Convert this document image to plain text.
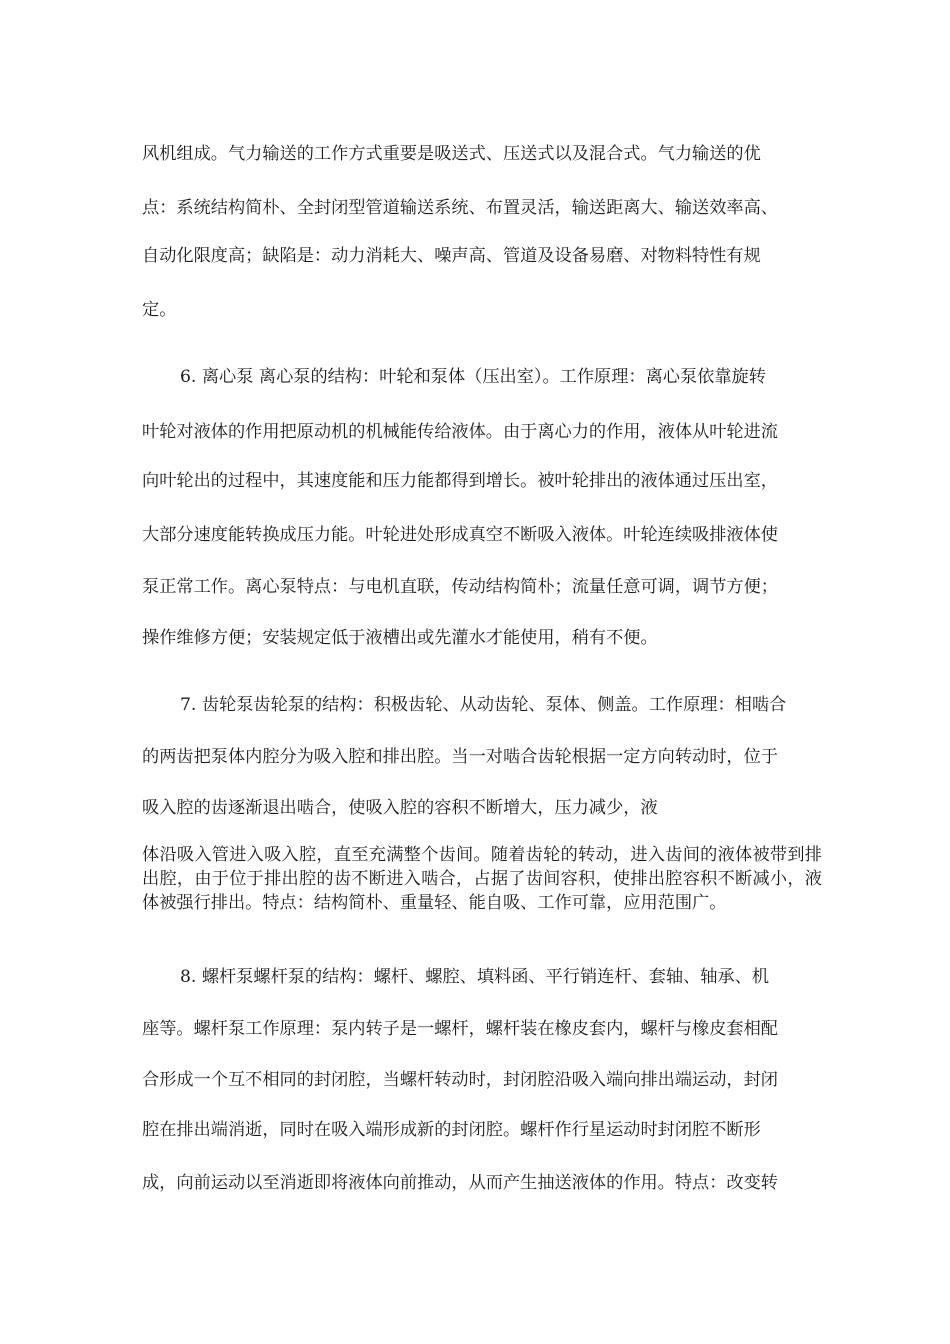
风机组成。气力输送的工作方式重要是吸送式、压送式以及混合式。气力输送的优
点：系统结构简朴、全封闭型管道输送系统、布置灵活，输送距离大、输送效率高、
自动化限度高；缺陷是：动力消耗大、噪声高、管道及设备易磨、对物料特性有规
定。
6. 离心泵 离心泵的结构：叶轮和泵体（压出室）。工作原理：离心泵依靠旋转
叶轮对液体的作用把原动机的机械能传给液体。由于离心力的作用，液体从叶轮进流
向叶轮出的过程中，其速度能和压力能都得到增长。被叶轮排出的液体通过压出室，
大部分速度能转换成压力能。叶轮进处形成真空不断吸入液体。叶轮连续吸排液体使
泵正常工作。离心泵特点：与电机直联，传动结构简朴；流量任意可调，调节方便；
操作维修方便；安装规定低于液槽出或先灌水才能使用，稍有不便。
7. 齿轮泵齿轮泵的结构：积极齿轮、从动齿轮、泵体、侧盖。工作原理：相啮合
的两齿把泵体内腔分为吸入腔和排出腔。当一对啮合齿轮根据一定方向转动时，位于
吸入腔的齿逐渐退出啮合，使吸入腔的容积不断增大，压力减少，液
体沿吸入管进入吸入腔，直至充满整个齿间。随着齿轮的转动，进入齿间的液体被带到排出腔，由于位于排出腔的齿不断进入啮合，占据了齿间容积，使排出腔容积不断减小，液体被强行排出。特点：结构简朴、重量轻、能自吸、工作可靠，应用范围广。
8. 螺杆泵螺杆泵的结构：螺杆、螺腔、填料函、平行销连杆、套轴、轴承、机
座等。螺杆泵工作原理：泵内转子是一螺杆，螺杆装在橡皮套内，螺杆与橡皮套相配
合形成一个互不相同的封闭腔，当螺杆转动时，封闭腔沿吸入端向排出端运动，封闭
腔在排出端消逝，同时在吸入端形成新的封闭腔。螺杆作行星运动时封闭腔不断形
成，向前运动以至消逝即将液体向前推动，从而产生抽送液体的作用。特点：改变转
